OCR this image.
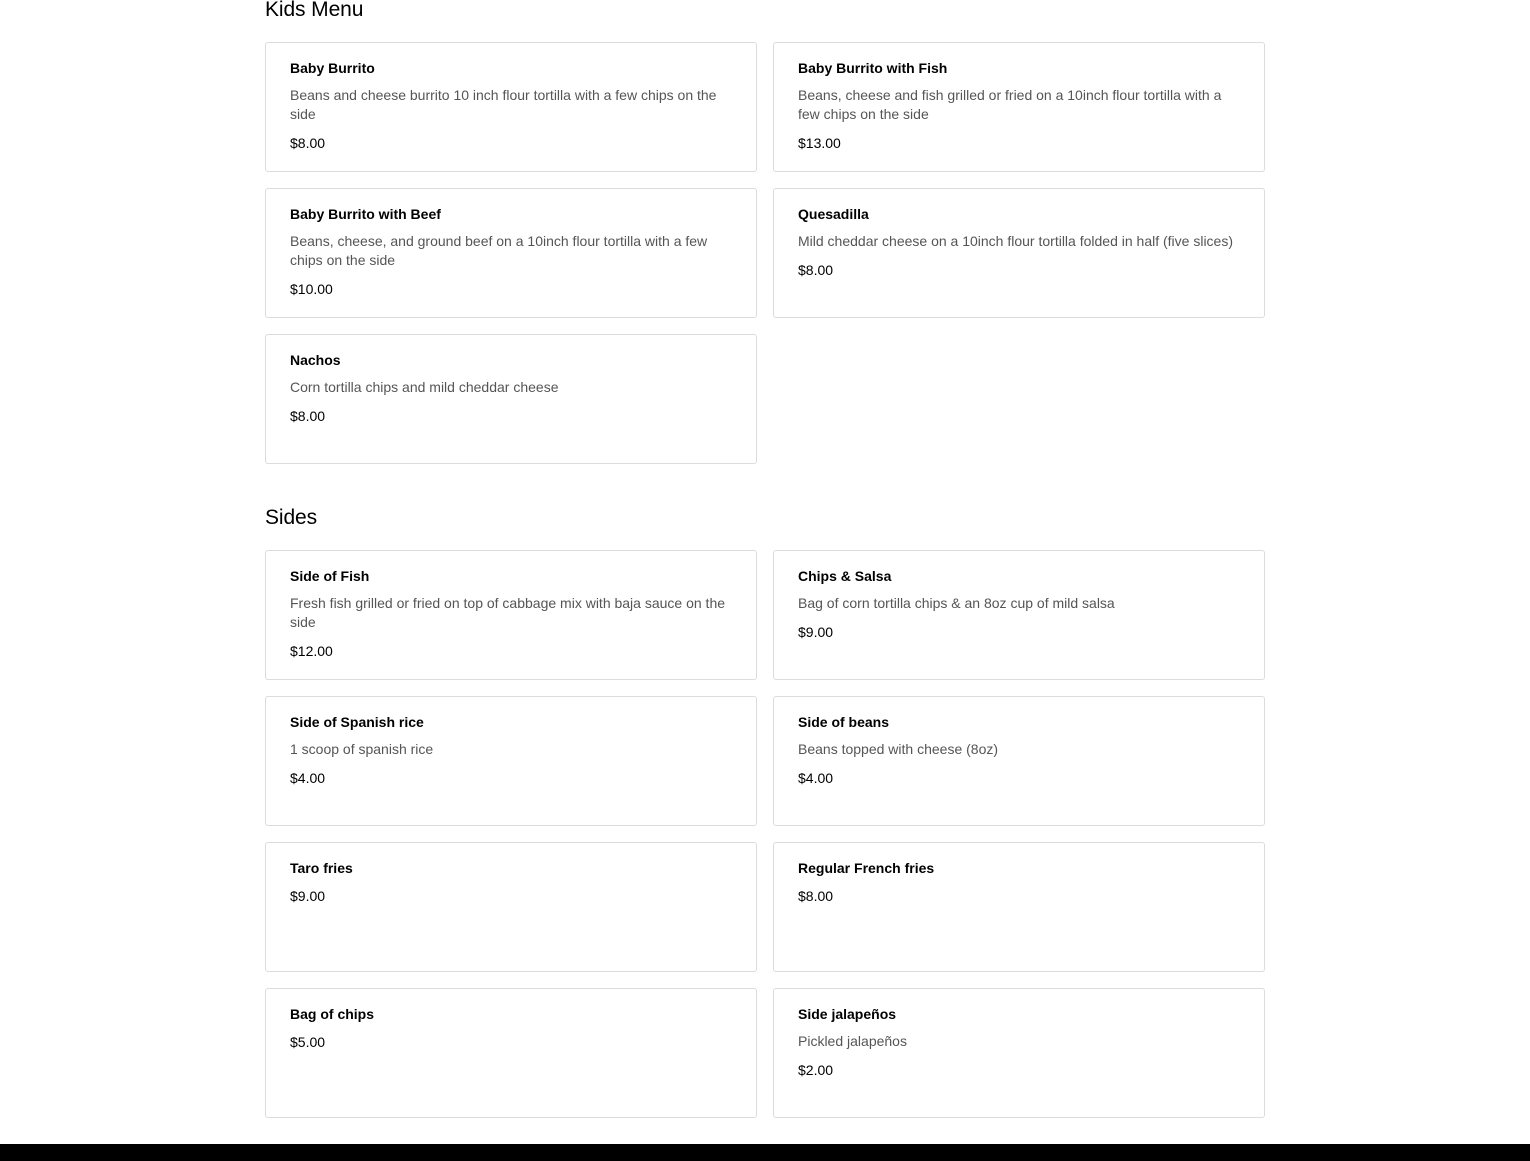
Kids Menu
Baby Burrito
Beans and cheese burrito 10 inch flour tortilla with a few chips on the side
$8.00
Baby Burrito with Fish
Beans, cheese and fish grilled or fried on a 10inch flour tortilla with a few chips on the side
$13.00
Baby Burrito with Beef
Beans, cheese, and ground beef on a 10inch flour tortilla with a few chips on the side
$10.00
Quesadilla
Mild cheddar cheese on a 10inch flour tortilla folded in half (five slices)
$8.00
Nachos
Corn tortilla chips and mild cheddar cheese
$8.00
Sides
Side of Fish
Fresh fish grilled or fried on top of cabbage mix with baja sauce on the side
$12.00
Chips & Salsa
Bag of corn tortilla chips & an 8oz cup of mild salsa
$9.00
Side of Spanish rice
1 scoop of spanish rice
$4.00
Side of beans
Beans topped with cheese (8oz)
$4.00
Taro fries
$9.00
Regular French fries
$8.00
Bag of chips
$5.00
Side jalapeños
Pickled jalapeños
$2.00
